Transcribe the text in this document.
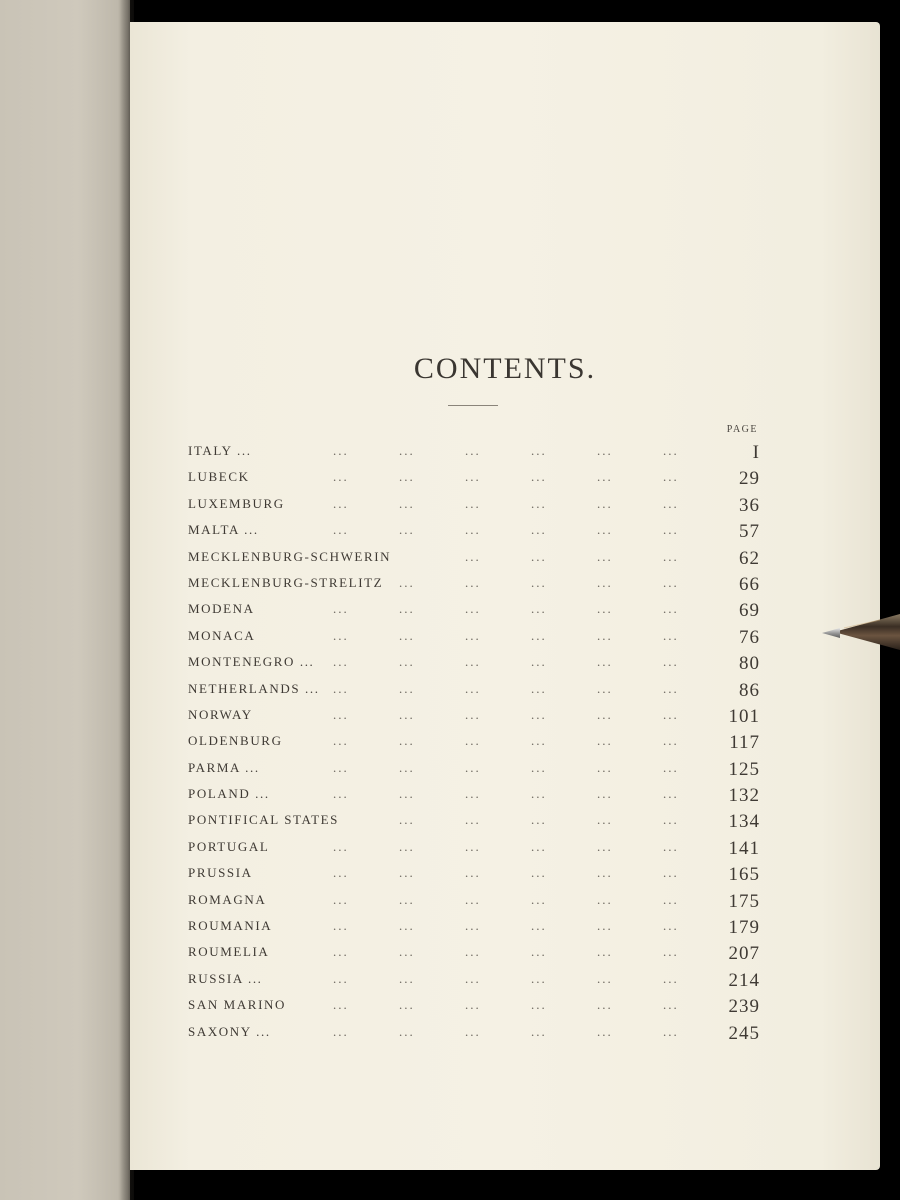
CONTENTS.
PAGE
ITALY ...	...	...	...	...	...	...	I
LUBECK	...	...	...	...	...	...	29
LUXEMBURG	...	...	...	...	...	...	36
MALTA ...	...	...	...	...	...	...	57
MECKLENBURG-SCHWERIN	...	...	...	...	62
MECKLENBURG-STRELITZ ...	...	...	...	...	66
MODENA	...	...	...	...	...	...	69
MONACA	...	...	...	...	...	...	76
MONTENEGRO ... ...	...	...	...	...	...	80
NETHERLANDS ... ...	...	...	...	...	...	86
NORWAY	...	...	...	...	...	...	101
OLDENBURG	...	...	...	...	...	...	117
PARMA ...	...	...	...	...	...	...	125
POLAND ...	...	...	...	...	...	...	132
PONTIFICAL STATES	...	...	...	...	...	134
PORTUGAL	...	...	...	...	...	...	141
PRUSSIA	...	...	...	...	...	...	165
ROMAGNA	...	...	...	...	...	...	175
ROUMANIA	...	...	...	...	...	...	179
ROUMELIA	...	...	...	...	...	...	207
RUSSIA ...	...	...	...	...	...	...	214
SAN MARINO	...	...	...	...	...	...	239
SAXONY ...	...	...	...	...	...	...	245
